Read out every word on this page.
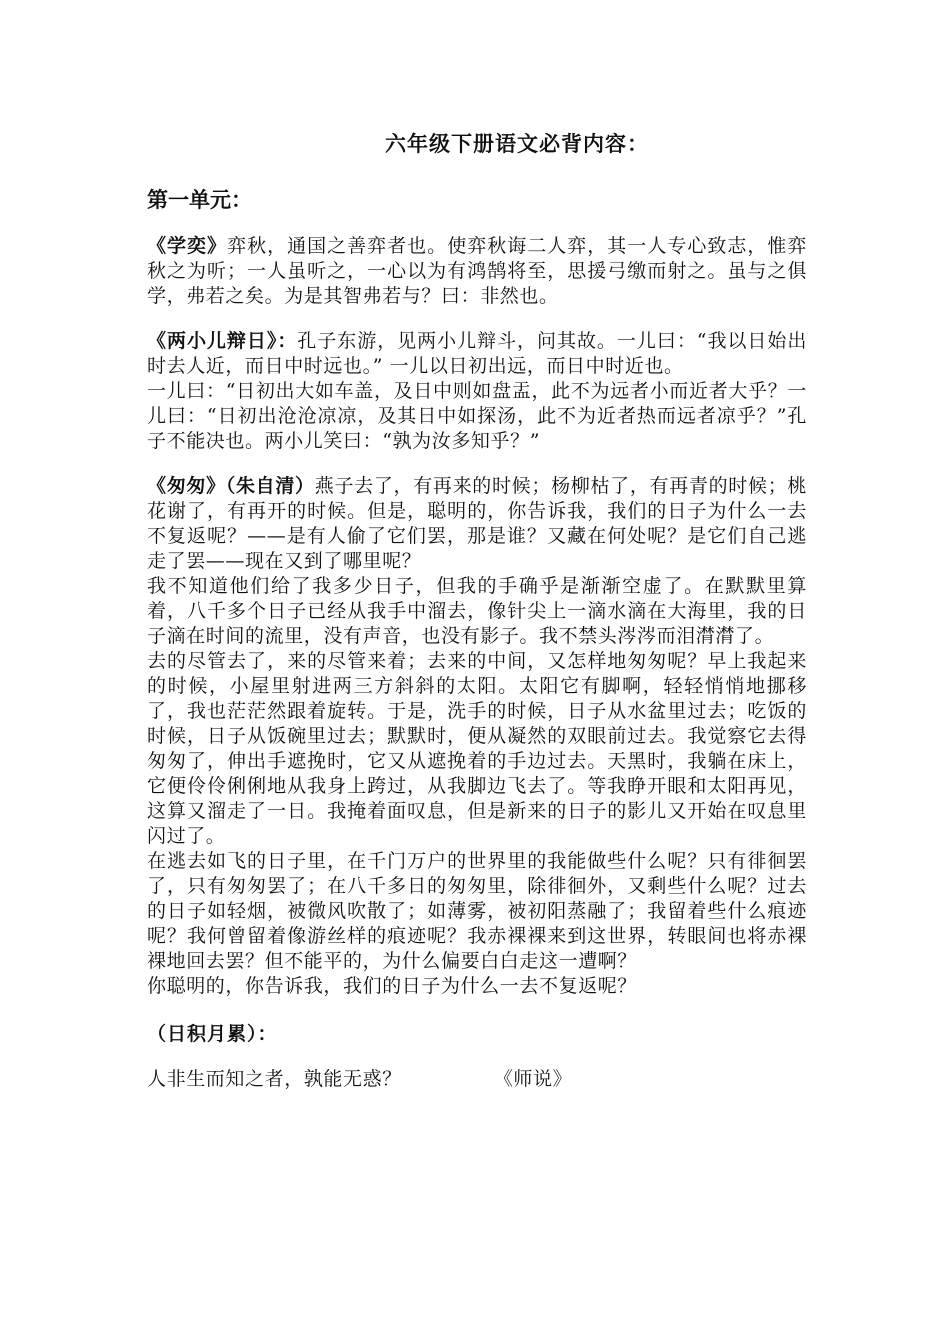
六年级下册语文必背内容：
第一单元：

《学奕》弈秋，通国之善弈者也。使弈秋诲二人弈，其一人专心致志，惟弈秋之为听；一人虽听之，一心以为有鸿鹄将至，思援弓缴而射之。虽与之俱学，弗若之矣。为是其智弗若与？曰：非然也。

《两小儿辩日》：孔子东游，见两小儿辩斗，问其故。一儿曰：“我以日始出时去人近，而日中时远也。” 一儿以日初出远，而日中时近也。

一儿曰：“日初出大如车盖，及日中则如盘盂，此不为远者小而近者大乎？一儿曰：“日初出沧沧凉凉，及其日中如探汤，此不为近者热而远者凉乎？”孔子不能决也。两小儿笑曰：“孰为汝多知乎？”

《匆匆》（朱自清）燕子去了，有再来的时候；杨柳枯了，有再青的时候；桃花谢了，有再开的时候。但是，聪明的，你告诉我，我们的日子为什么一去不复返呢？——是有人偷了它们罢，那是谁？又藏在何处呢？是它们自己逃走了罢——现在又到了哪里呢？

我不知道他们给了我多少日子，但我的手确乎是渐渐空虚了。在默默里算着，八千多个日子已经从我手中溜去，像针尖上一滴水滴在大海里，我的日子滴在时间的流里，没有声音，也没有影子。我不禁头涔涔而泪潸潸了。

去的尽管去了，来的尽管来着；去来的中间，又怎样地匆匆呢？早上我起来的时候，小屋里射进两三方斜斜的太阳。太阳它有脚啊，轻轻悄悄地挪移了，我也茫茫然跟着旋转。于是，洗手的时候，日子从水盆里过去；吃饭的时候，日子从饭碗里过去；默默时，便从凝然的双眼前过去。我觉察它去得匆匆了，伸出手遮挽时，它又从遮挽着的手边过去。天黑时，我躺在床上，它便伶伶俐俐地从我身上跨过，从我脚边飞去了。等我睁开眼和太阳再见，这算又溜走了一日。我掩着面叹息，但是新来的日子的影儿又开始在叹息里闪过了。

在逃去如飞的日子里，在千门万户的世界里的我能做些什么呢？只有徘徊罢了，只有匆匆罢了；在八千多日的匆匆里，除徘徊外，又剩些什么呢？过去的日子如轻烟，被微风吹散了；如薄雾，被初阳蒸融了；我留着些什么痕迹呢？我何曾留着像游丝样的痕迹呢？我赤裸裸来到这世界，转眼间也将赤裸裸地回去罢？但不能平的，为什么偏要白白走这一遭啊？

你聪明的，你告诉我，我们的日子为什么一去不复返呢？

（日积月累）：
人非生而知之者，孰能无惑？	《师说》
